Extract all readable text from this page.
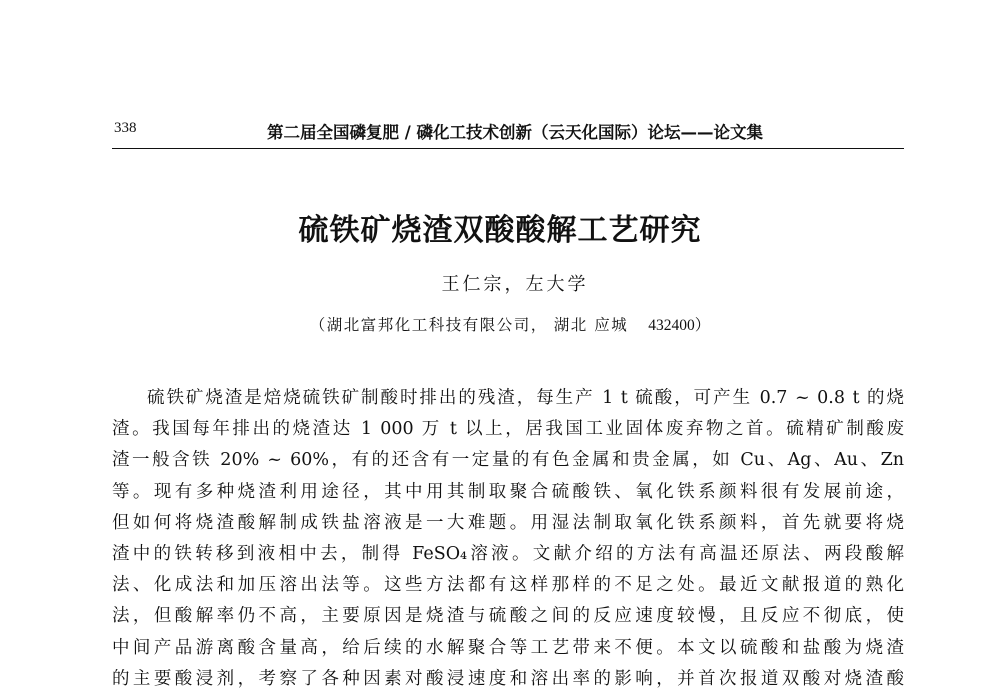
338	第二届全国磷复肥 / 磷化工技术创新（云天化国际）论坛——论文集
硫铁矿烧渣双酸酸解工艺研究
王仁宗，左大学
（湖北富邦化工科技有限公司， 湖北 应城 432400）
硫铁矿烧渣是焙烧硫铁矿制酸时排出的残渣，每生产 1 t 硫酸，可产生 0.7 ~ 0.8 t 的烧
渣。我国每年排出的烧渣达 1 000 万 t 以上，居我国工业固体废弃物之首。硫精矿制酸废
渣一般含铁 20% ~ 60%，有的还含有一定量的有色金属和贵金属，如 Cu、Ag、Au、Zn
等。现有多种烧渣利用途径，其中用其制取聚合硫酸铁、氧化铁系颜料很有发展前途，
但如何将烧渣酸解制成铁盐溶液是一大难题。用湿法制取氧化铁系颜料，首先就要将烧
渣中的铁转移到液相中去，制得 FeSO₄溶液。文献介绍的方法有高温还原法、两段酸解
法、化成法和加压溶出法等。这些方法都有这样那样的不足之处。最近文献报道的熟化
法，但酸解率仍不高，主要原因是烧渣与硫酸之间的反应速度较慢，且反应不彻底，使
中间产品游离酸含量高，给后续的水解聚合等工艺带来不便。本文以硫酸和盐酸为烧渣
的主要酸浸剂，考察了各种因素对酸浸速度和溶出率的影响，并首次报道双酸对烧渣酸
